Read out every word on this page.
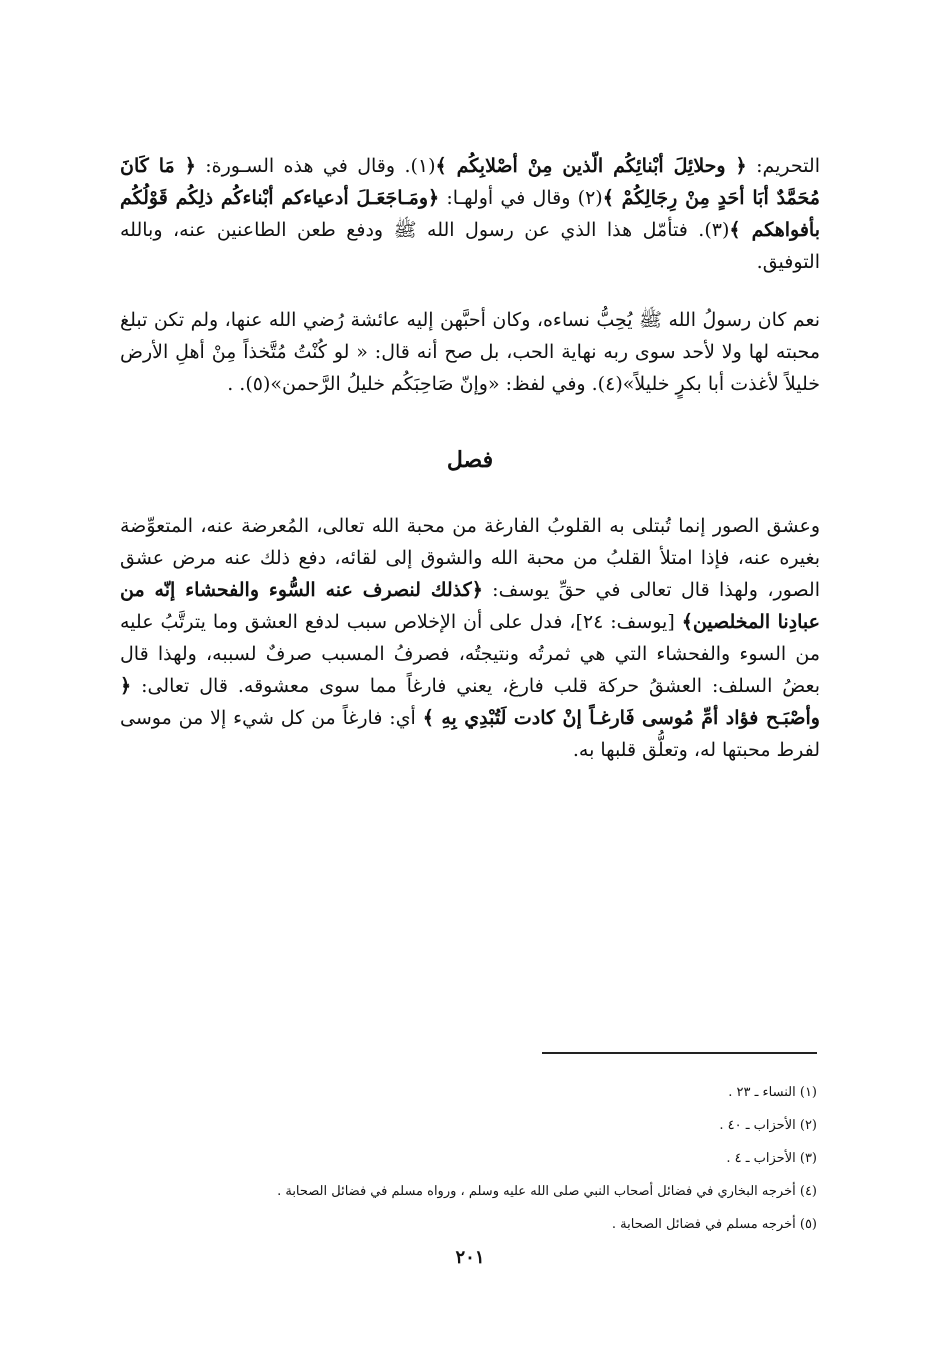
التحريم: ﴿ وحلائِلَ أبْنائِكُم الّذين مِنْ أصْلابِكُم ﴾(١). وقال في هذه السـورة: ﴿ مَا كَانَ مُحَمَّدٌ أبَا أحَدٍ مِنْ رِجَالِكُمْ ﴾(٢) وقال في أولهـا: ﴿ومَـاجَعَـلَ أدعياءكم أبْناءكُم ذلِكُم قَوْلُكُم بأفواهكم ﴾(٣). فتأمّل هذا الذي عن رسول الله ﷺ ودفع طعن الطاعنين عنه، وبالله التوفيق.

نعم كان رسولُ الله ﷺ يُحِبُّ نساءه، وكان أحبَّهن إليه عائشة رُضي الله عنها، ولم تكن تبلغ محبته لها ولا لأحد سوى ربه نهاية الحب، بل صح أنه قال: « لو كُنْتُ مُتَّخذاً مِنْ أهلِ الأرض خليلاً لأغذت أبا بكرٍ خليلاً»(٤). وفي لفظ: «وإنّ صَاحِبَكُم خليلُ الرَّحمن»(٥). .

فصل

وعشق الصور إنما تُبتلى به القلوبُ الفارغة من محبة الله تعالى، المُعرضة عنه، المتعوِّضة بغيره عنه، فإذا امتلأ القلبُ من محبة الله والشوق إلى لقائه، دفع ذلك عنه مرض عشق الصور، ولهذا قال تعالى في حقِّ يوسف: ﴿كذلك لنصرف عنه السُّوء والفحشاء إنّه من عبادِنا المخلصين﴾ [يوسف: ٢٤]، فدل على أن الإخلاص سبب لدفع العشق وما يترتَّبُ عليه من السوء والفحشاء التي هي ثمرتُه ونتيجتُه، فصرفُ المسبب صرفٌ لسببه، ولهذا قال بعضُ السلف: العشقُ حركة قلب فارغ، يعني فارغاً مما سوى معشوقه. قال تعالى: ﴿ وأصْبَـح فؤاد أمِّ مُوسى فَارغـاً إنْ كادت لَتُبْدِي بِهِ ﴾ أي: فارغاً من كل شيء إلا من موسى لفرط محبتها له، وتعلُّق قلبها به.

(١) النساء ـ ٢٣ .

(٢) الأحزاب ـ ٤٠ .

(٣) الأحزاب ـ ٤ .

(٤) أخرجه البخاري في فضائل أصحاب النبي صلى الله عليه وسلم ، ورواه مسلم في فضائل الصحابة .

(٥) أخرجه مسلم في فضائل الصحابة .

٢٠١
